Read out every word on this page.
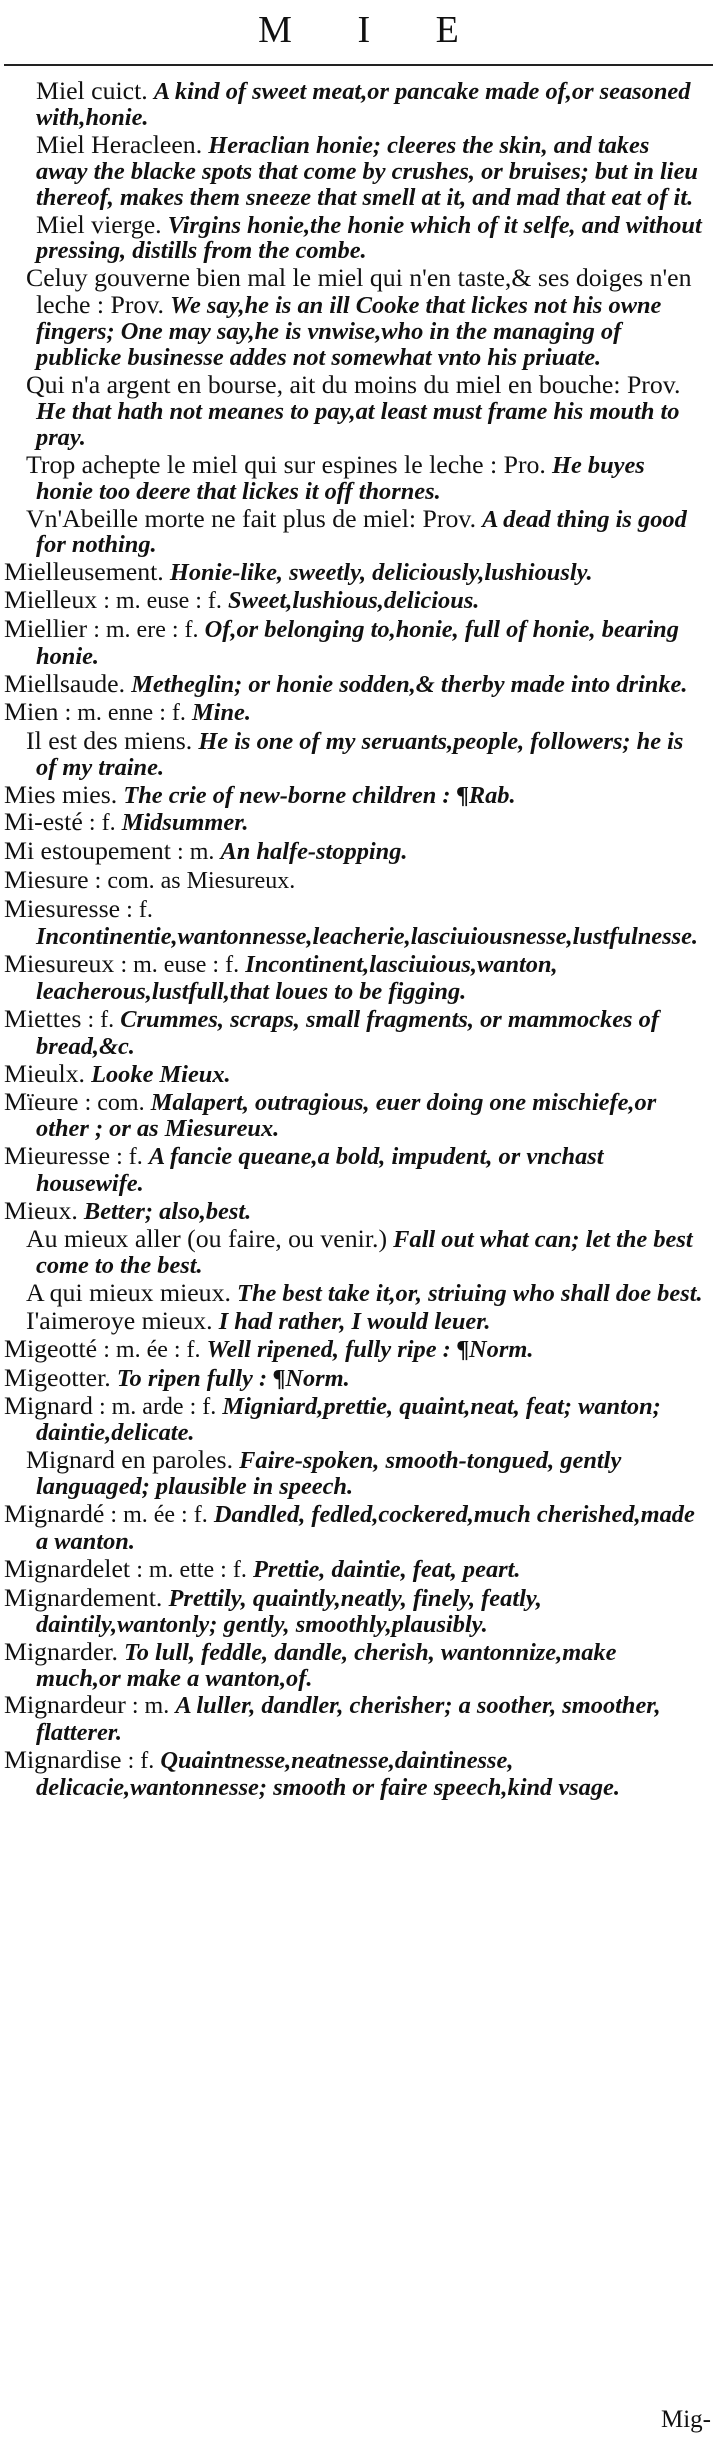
M I E
Miel cuict. A kind of sweet meat,or pancake made of,or seasoned with,honie.
Miel Heracleen. Heraclian honie; cleeres the skin, and takes away the blacke spots that come by crushes, or bruises; but in lieu thereof, makes them sneeze that smell at it, and mad that eat of it.
Miel vierge. Virgins honie,the honie which of it selfe, and without pressing, distills from the combe.
Celuy gouverne bien mal le miel qui n'en taste,& ses doiges n'en leche : Prov. We say,he is an ill Cooke that lickes not his owne fingers; One may say,he is vnwise,who in the managing of publicke businesse addes not somewhat vnto his priuate.
Qui n'a argent en bourse, ait du moins du miel en bouche: Prov. He that hath not meanes to pay,at least must frame his mouth to pray.
Trop achepte le miel qui sur espines le leche : Pro. He buyes honie too deere that lickes it off thornes.
Vn'Abeille morte ne fait plus de miel: Prov. A dead thing is good for nothing.
Mielleusement. Honie-like, sweetly, deliciously,lushiously.
Mielleux : m. euse : f. Sweet,lushious,delicious.
Miellier : m. ere : f. Of,or belonging to,honie, full of honie, bearing honie.
Miellsaude. Metheglin; or honie sodden,& therby made into drinke.
Mien : m. enne : f. Mine.
Il est des miens. He is one of my seruants,people, followers; he is of my traine.
Mies mies. The crie of new-borne children : ¶Rab.
Mi-esté : f. Midsummer.
Mi estoupement : m. An halfe-stopping.
Miesure : com. as Miesureux.
Miesuresse : f. Incontinentie,wantonnesse,leacherie,lasciuiousnesse,lustfulnesse.
Miesureux : m. euse : f. Incontinent,lasciuious,wanton, leacherous,lustfull,that loues to be figging.
Miettes : f. Crummes, scraps, small fragments, or mammockes of bread,&c.
Mieulx. Looke Mieux.
Mïeure : com. Malapert, outragious, euer doing one mischiefe,or other ; or as Miesureux.
Mieuresse : f. A fancie queane,a bold, impudent, or vnchast housewife.
Mieux. Better; also,best.
Au mieux aller (ou faire, ou venir.) Fall out what can; let the best come to the best.
A qui mieux mieux. The best take it,or, striuing who shall doe best.
I'aimeroye mieux. I had rather, I would leuer.
Migeotté : m. ée : f. Well ripened, fully ripe : ¶Norm.
Migeotter. To ripen fully : ¶Norm.
Mignard : m. arde : f. Migniard,prettie, quaint,neat, feat; wanton; daintie,delicate.
Mignard en paroles. Faire-spoken, smooth-tongued, gently languaged; plausible in speech.
Mignardé : m. ée : f. Dandled, fedled,cockered,much cherished,made a wanton.
Mignardelet : m. ette : f. Prettie, daintie, feat, peart.
Mignardement. Prettily, quaintly,neatly, finely, featly, daintily,wantonly; gently, smoothly,plausibly.
Mignarder. To lull, feddle, dandle, cherish, wantonnize,make much,or make a wanton,of.
Mignardeur : m. A luller, dandler, cherisher; a soother, smoother, flatterer.
Mignardise : f. Quaintnesse,neatnesse,daintinesse, delicacie,wantonnesse; smooth or faire speech,kind vsage.
Mig-
